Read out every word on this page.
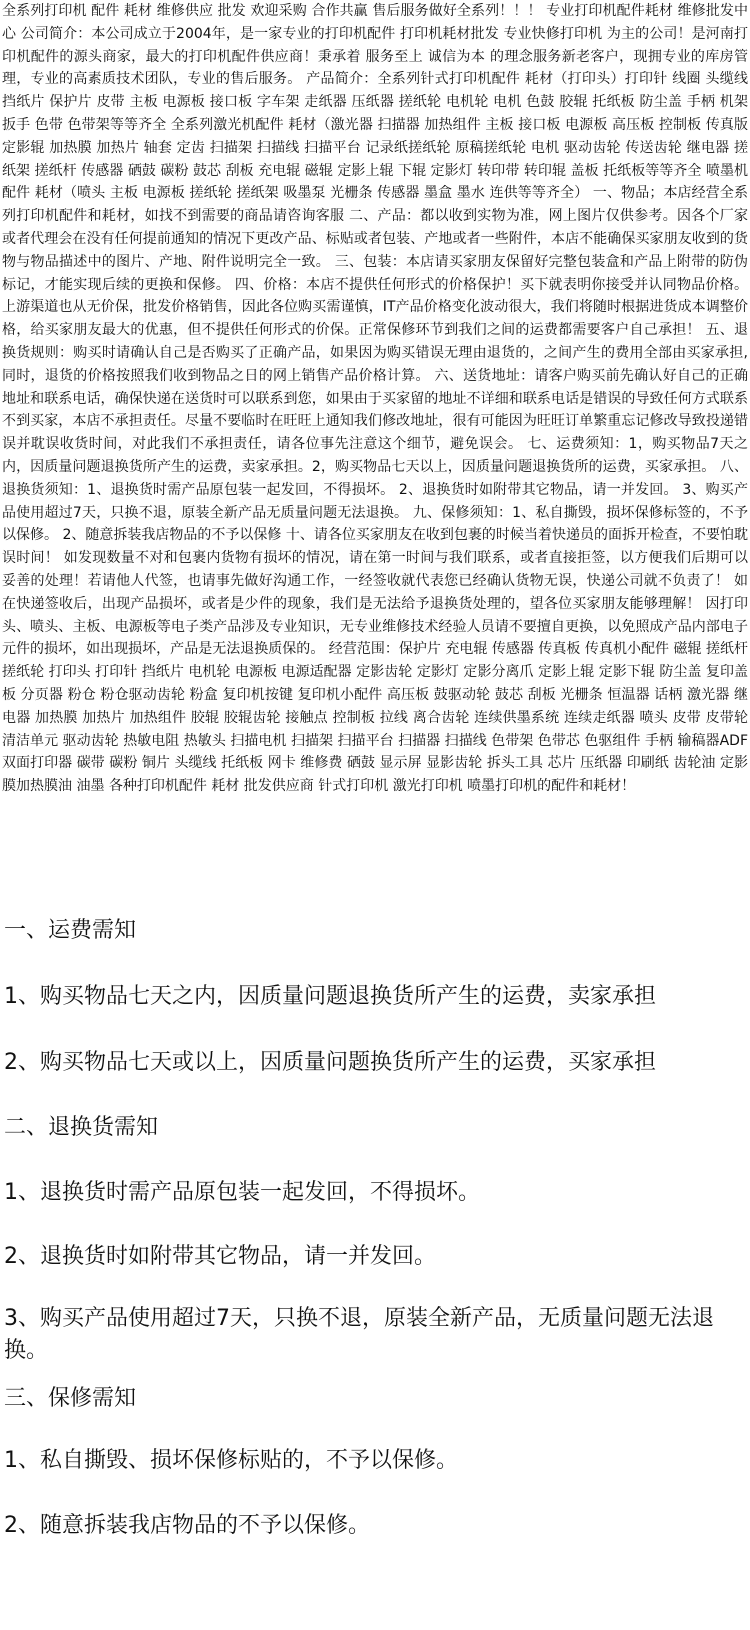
全系列打印机 配件 耗材 维修供应 批发 欢迎采购 合作共赢 售后服务做好全系列！！！ 专业打印机配件耗材 维修批发中心 公司简介：本公司成立于2004年，是一家专业的打印机配件 打印机耗材批发 专业快修打印机 为主的公司！是河南打印机配件的源头商家，最大的打印机配件供应商！秉承着 服务至上 诚信为本 的理念服务新老客户，现拥专业的库房管理，专业的高素质技术团队，专业的售后服务。 产品简介：全系列针式打印机配件 耗材（打印头）打印针 线圈 头缆线 挡纸片 保护片 皮带 主板 电源板 接口板 字车架 走纸器 压纸器 搓纸轮 电机轮 电机 色鼓 胶辊 托纸板 防尘盖 手柄 机架 扳手 色带 色带架等等齐全 全系列激光机配件 耗材（激光器 扫描器 加热组件 主板 接口板 电源板 高压板 控制板 传真版 定影辊 加热膜 加热片 轴套 定齿 扫描架 扫描线 扫描平台 记录纸搓纸轮 原稿搓纸轮 电机 驱动齿轮 传送齿轮 继电器 搓纸架 搓纸杆 传感器 硒鼓 碳粉 鼓芯 刮板 充电辊 磁辊 定影上辊 下辊 定影灯 转印带 转印辊 盖板 托纸板等等齐全 喷墨机配件 耗材（喷头 主板 电源板 搓纸轮 搓纸架 吸墨泵 光栅条 传感器 墨盒 墨水 连供等等齐全） 一、物品；本店经营全系列打印机配件和耗材，如找不到需要的商品请咨询客服 二、产品：都以收到实物为准，网上图片仅供参考。因各个厂家或者代理会在没有任何提前通知的情况下更改产品、标贴或者包装、产地或者一些附件，本店不能确保买家朋友收到的货物与物品描述中的图片、产地、附件说明完全一致。 三、包装：本店请买家朋友保留好完整包装盒和产品上附带的防伪标记，才能实现后续的更换和保修。 四、价格：本店不提供任何形式的价格保护！买下就表明你接受并认同物品价格。上游渠道也从无价保，批发价格销售，因此各位购买需谨慎，IT产品价格变化波动很大，我们将随时根据进货成本调整价格，给买家朋友最大的优惠，但不提供任何形式的价保。正常保修环节到我们之间的运费都需要客户自己承担！ 五、退换货规则：购买时请确认自己是否购买了正确产品，如果因为购买错误无理由退货的，之间产生的费用全部由买家承担,同时，退货的价格按照我们收到物品之日的网上销售产品价格计算。 六、送货地址：请客户购买前先确认好自己的正确地址和联系电话，确保快递在送货时可以联系到您，如果由于买家留的地址不详细和联系电话是错误的导致任何方式联系不到买家，本店不承担责任。尽量不要临时在旺旺上通知我们修改地址，很有可能因为旺旺订单繁重忘记修改导致投递错误并耽误收货时间，对此我们不承担责任，请各位事先注意这个细节，避免误会。 七、运费须知：1，购买物品7天之内，因质量问题退换货所产生的运费，卖家承担。2，购买物品七天以上，因质量问题退换货所的运费，买家承担。 八、退换货须知：1、退换货时需产品原包装一起发回，不得损坏。 2、退换货时如附带其它物品，请一并发回。 3、购买产品使用超过7天，只换不退，原装全新产品无质量问题无法退换。 九、保修须知：1、私自撕毁，损坏保修标签的，不予以保修。 2、随意拆装我店物品的不予以保修 十、请各位买家朋友在收到包裹的时候当着快递员的面拆开检查，不要怕耽误时间！ 如发现数量不对和包裹内货物有损坏的情况，请在第一时间与我们联系，或者直接拒签，以方便我们后期可以妥善的处理！若请他人代签，也请事先做好沟通工作，一经签收就代表您已经确认货物无误，快递公司就不负责了！ 如在快递签收后，出现产品损坏，或者是少件的现象，我们是无法给予退换货处理的，望各位买家朋友能够理解！ 因打印头、喷头、主板、电源板等电子类产品涉及专业知识，无专业维修技术经验人员请不要擅自更换，以免照成产品内部电子元件的损坏，如出现损坏，产品是无法退换质保的。 经营范围：保护片 充电辊 传感器 传真板 传真机小配件 磁辊 搓纸杆 搓纸轮 打印头 打印针 挡纸片 电机轮 电源板 电源适配器 定影齿轮 定影灯 定影分离爪 定影上辊 定影下辊 防尘盖 复印盖板 分页器 粉仓 粉仓驱动齿轮 粉盒 复印机按键 复印机小配件 高压板 鼓驱动轮 鼓芯 刮板 光栅条 恒温器 话柄 激光器 继电器 加热膜 加热片 加热组件 胶辊 胶辊齿轮 接触点 控制板 拉线 离合齿轮 连续供墨系统 连续走纸器 喷头 皮带 皮带轮 清洁单元 驱动齿轮 热敏电阻 热敏头 扫描电机 扫描架 扫描平台 扫描器 扫描线 色带架 色带芯 色驱组件 手柄 输稿器ADF 双面打印器 碳带 碳粉 铜片 头缆线 托纸板 网卡 维修费 硒鼓 显示屏 显影齿轮 拆头工具 芯片 压纸器 印刷纸 齿轮油 定影膜加热膜油 油墨 各种打印机配件 耗材 批发供应商 针式打印机 激光打印机 喷墨打印机的配件和耗材！

一、运费需知

1、购买物品七天之内，因质量问题退换货所产生的运费，卖家承担

2、购买物品七天或以上，因质量问题换货所产生的运费，买家承担

二、退换货需知

1、退换货时需产品原包装一起发回，不得损坏。

2、退换货时如附带其它物品，请一并发回。

3、购买产品使用超过7天，只换不退，原装全新产品，无质量问题无法退换。

三、保修需知

1、私自撕毁、损坏保修标贴的，不予以保修。

2、随意拆装我店物品的不予以保修。
